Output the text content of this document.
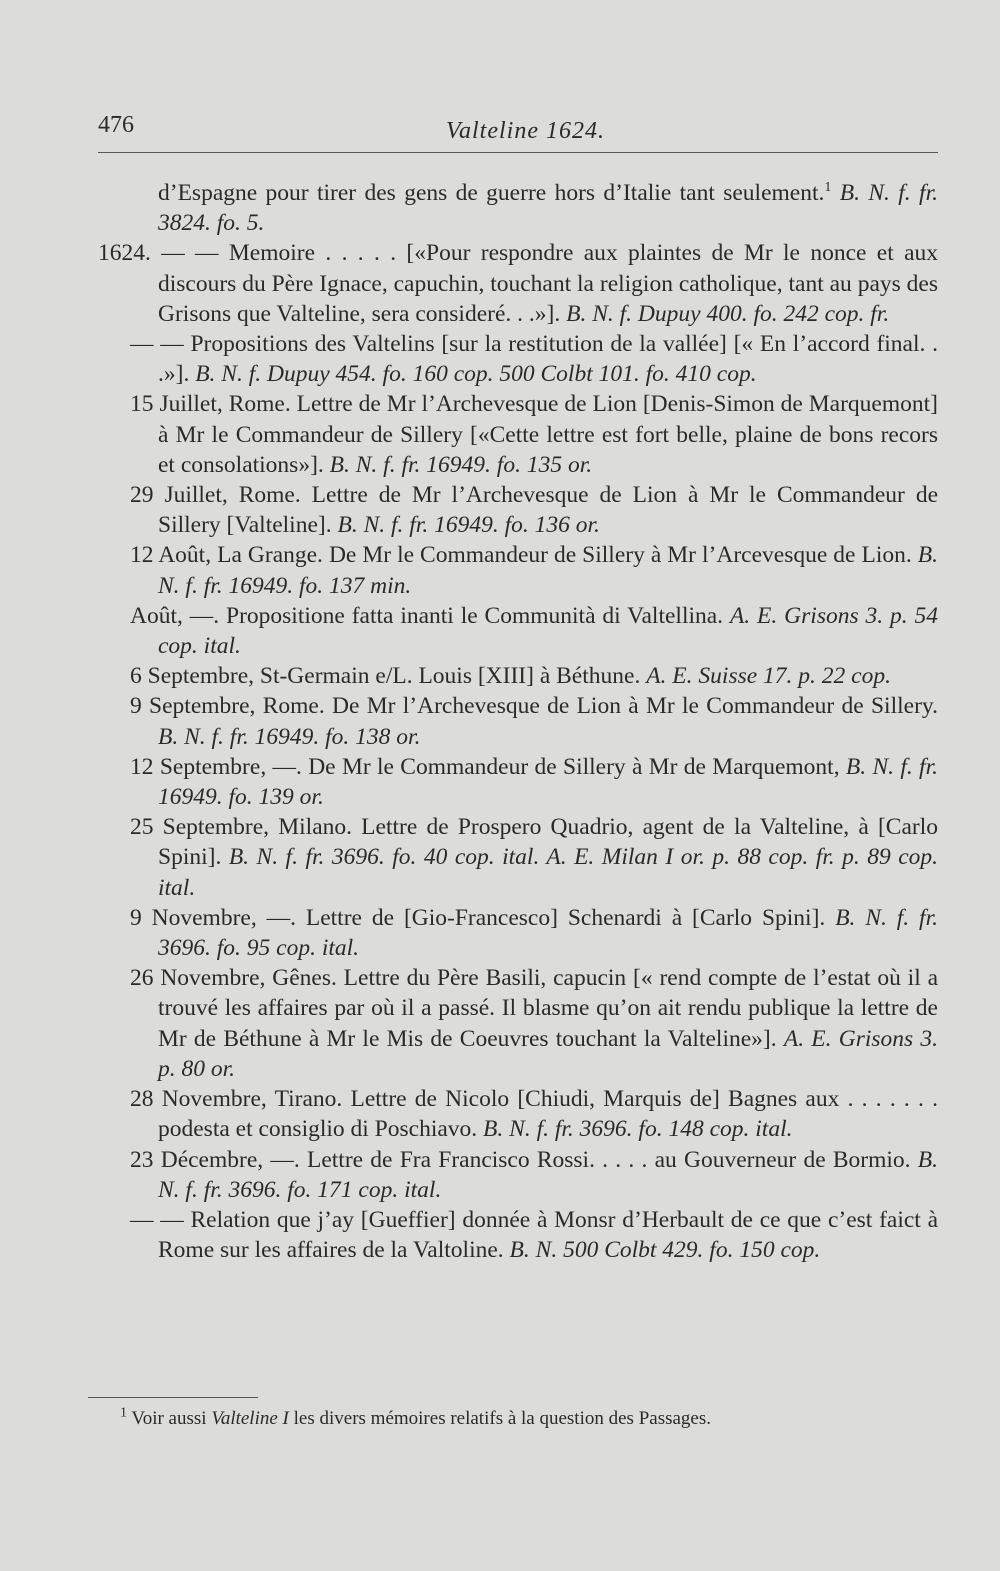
476	Valteline 1624.

d’Espagne pour tirer des gens de guerre hors d’Italie tant seulement.$^1$ B. N. f. fr. 3824. fo. 5.

1624. — — Memoire . . . . . [«Pour respondre aux plaintes de Mr le nonce et aux discours du Père Ignace, capuchin, touchant la religion catholique, tant au pays des Grisons que Valteline, sera consideré. . .»]. B. N. f. Dupuy 400. fo. 242 cop. fr.

— — Propositions des Valtelins [sur la restitution de la vallée] [« En l’accord final. . .»]. B. N. f. Dupuy 454. fo. 160 cop. 500 Colbt 101. fo. 410 cop.

15 Juillet, Rome. Lettre de Mr l’Archevesque de Lion [Denis-Simon de Marquemont] à Mr le Commandeur de Sillery [«Cette lettre est fort belle, plaine de bons recors et consolations»]. B. N. f. fr. 16949. fo. 135 or.

29 Juillet, Rome. Lettre de Mr l’Archevesque de Lion à Mr le Commandeur de Sillery [Valteline]. B. N. f. fr. 16949. fo. 136 or.

12 Août, La Grange. De Mr le Commandeur de Sillery à Mr l’Arcevesque de Lion. B. N. f. fr. 16949. fo. 137 min.

Août, —. Propositione fatta inanti le Communità di Valtellina. A. E. Grisons 3. p. 54 cop. ital.

6 Septembre, St-Germain e/L. Louis [XIII] à Béthune. A. E. Suisse 17. p. 22 cop.

9 Septembre, Rome. De Mr l’Archevesque de Lion à Mr le Commandeur de Sillery. B. N. f. fr. 16949. fo. 138 or.

12 Septembre, —. De Mr le Commandeur de Sillery à Mr de Marquemont, B. N. f. fr. 16949. fo. 139 or.

25 Septembre, Milano. Lettre de Prospero Quadrio, agent de la Valteline, à [Carlo Spini]. B. N. f. fr. 3696. fo. 40 cop. ital. A. E. Milan I or. p. 88 cop. fr. p. 89 cop. ital.

9 Novembre, —. Lettre de [Gio-Francesco] Schenardi à [Carlo Spini]. B. N. f. fr. 3696. fo. 95 cop. ital.

26 Novembre, Gênes. Lettre du Père Basili, capucin [« rend compte de l’estat où il a trouvé les affaires par où il a passé. Il blasme qu’on ait rendu publique la lettre de Mr de Béthune à Mr le Mis de Coeuvres touchant la Valteline»]. A. E. Grisons 3. p. 80 or.

28 Novembre, Tirano. Lettre de Nicolo [Chiudi, Marquis de] Bagnes aux . . . . . . . podesta et consiglio di Poschiavo. B. N. f. fr. 3696. fo. 148 cop. ital.

23 Décembre, —. Lettre de Fra Francisco Rossi. . . . . au Gouverneur de Bormio. B. N. f. fr. 3696. fo. 171 cop. ital.

— — Relation que j’ay [Gueffier] donnée à Monsr d’Herbault de ce que c’est faict à Rome sur les affaires de la Valtoline. B. N. 500 Colbt 429. fo. 150 cop.

$^1$ Voir aussi Valteline I les divers mémoires relatifs à la question des Passages.
